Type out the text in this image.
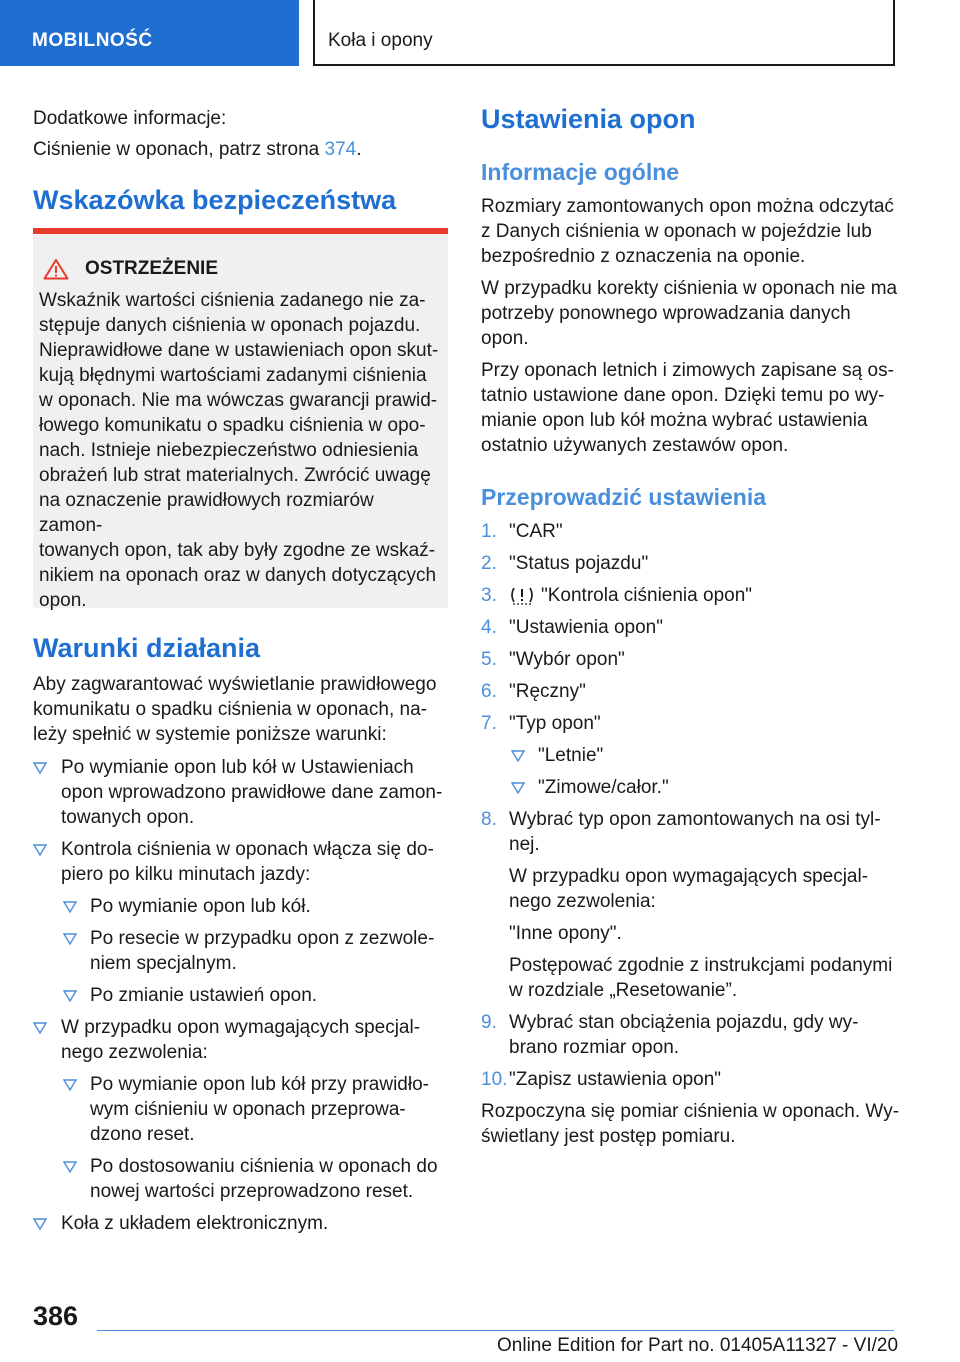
MOBILNOŚĆ	Koła i opony

Dodatkowe informacje:

Ciśnienie w oponach, patrz strona 374.

Wskazówka bezpieczeństwa
OSTRZEŻENIE
Wskaźnik wartości ciśnienia zadanego nie za-
stępuje danych ciśnienia w oponach pojazdu.
Nieprawidłowe dane w ustawieniach opon skut-
kują błędnymi wartościami zadanymi ciśnienia
w oponach. Nie ma wówczas gwarancji prawid-
łowego komunikatu o spadku ciśnienia w opo-
nach. Istnieje niebezpieczeństwo odniesienia
obrażeń lub strat materialnych. Zwrócić uwagę
na oznaczenie prawidłowych rozmiarów zamon-
towanych opon, tak aby były zgodne ze wskaź-
nikiem na oponach oraz w danych dotyczących
opon.
Warunki działania
Aby zagwarantować wyświetlanie prawidłowego
komunikatu o spadku ciśnienia w oponach, na-
leży spełnić w systemie poniższe warunki:
Po wymianie opon lub kół w Ustawieniach
opon wprowadzono prawidłowe dane zamon-
towanych opon.
Kontrola ciśnienia w oponach włącza się do-
piero po kilku minutach jazdy:
Po wymianie opon lub kół.
Po resecie w przypadku opon z zezwole-
niem specjalnym.
Po zmianie ustawień opon.
W przypadku opon wymagających specjal-
nego zezwolenia:
Po wymianie opon lub kół przy prawidło-
wym ciśnieniu w oponach przeprowa-
dzono reset.
Po dostosowaniu ciśnienia w oponach do
nowej wartości przeprowadzono reset.
Koła z układem elektronicznym.
Ustawienia opon
Informacje ogólne
Rozmiary zamontowanych opon można odczytać
z Danych ciśnienia w oponach w pojeździe lub
bezpośrednio z oznaczenia na oponie.
W przypadku korekty ciśnienia w oponach nie ma
potrzeby ponownego wprowadzania danych
opon.
Przy oponach letnich i zimowych zapisane są os-
tatnio ustawione dane opon. Dzięki temu po wy-
mianie opon lub kół można wybrać ustawienia
ostatnio używanych zestawów opon.
Przeprowadzić ustawienia
1. "CAR"
2. "Status pojazdu"
3. "Kontrola ciśnienia opon"
4. "Ustawienia opon"
5. "Wybór opon"
6. "Ręczny"
7. "Typ opon"
"Letnie"
"Zimowe/całor."
8. Wybrać typ opon zamontowanych na osi tyl-
nej.
W przypadku opon wymagających specjal-
nego zezwolenia:
"Inne opony".
Postępować zgodnie z instrukcjami podanymi
w rozdziale „Resetowanie”.
9. Wybrać stan obciążenia pojazdu, gdy wy-
brano rozmiar opon.
10. "Zapisz ustawienia opon"
Rozpoczyna się pomiar ciśnienia w oponach. Wy-
świetlany jest postęp pomiaru.
386
Online Edition for Part no. 01405A11327 - VI/20
